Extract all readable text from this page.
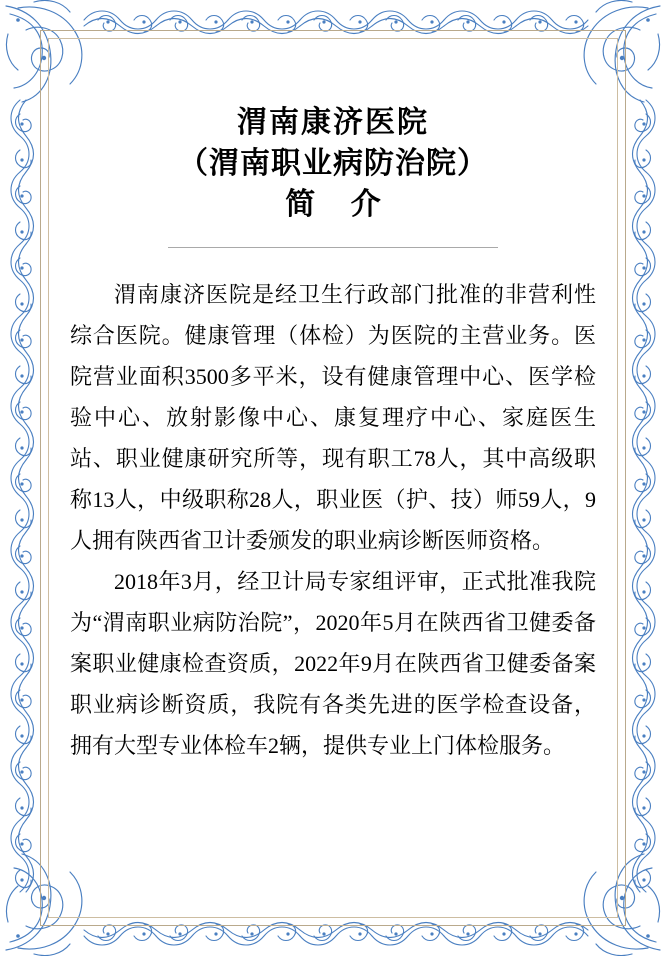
渭南康济医院
（渭南职业病防治院）
简 介

渭南康济医院是经卫生行政部门批准的非营利性综合医院。健康管理（体检）为医院的主营业务。医院营业面积3500多平米，设有健康管理中心、医学检验中心、放射影像中心、康复理疗中心、家庭医生站、职业健康研究所等，现有职工78人，其中高级职称13人，中级职称28人，职业医（护、技）师59人，9人拥有陕西省卫计委颁发的职业病诊断医师资格。

2018年3月，经卫计局专家组评审，正式批准我院为“渭南职业病防治院”，2020年5月在陕西省卫健委备案职业健康检查资质，2022年9月在陕西省卫健委备案职业病诊断资质，我院有各类先进的医学检查设备，拥有大型专业体检车2辆，提供专业上门体检服务。
